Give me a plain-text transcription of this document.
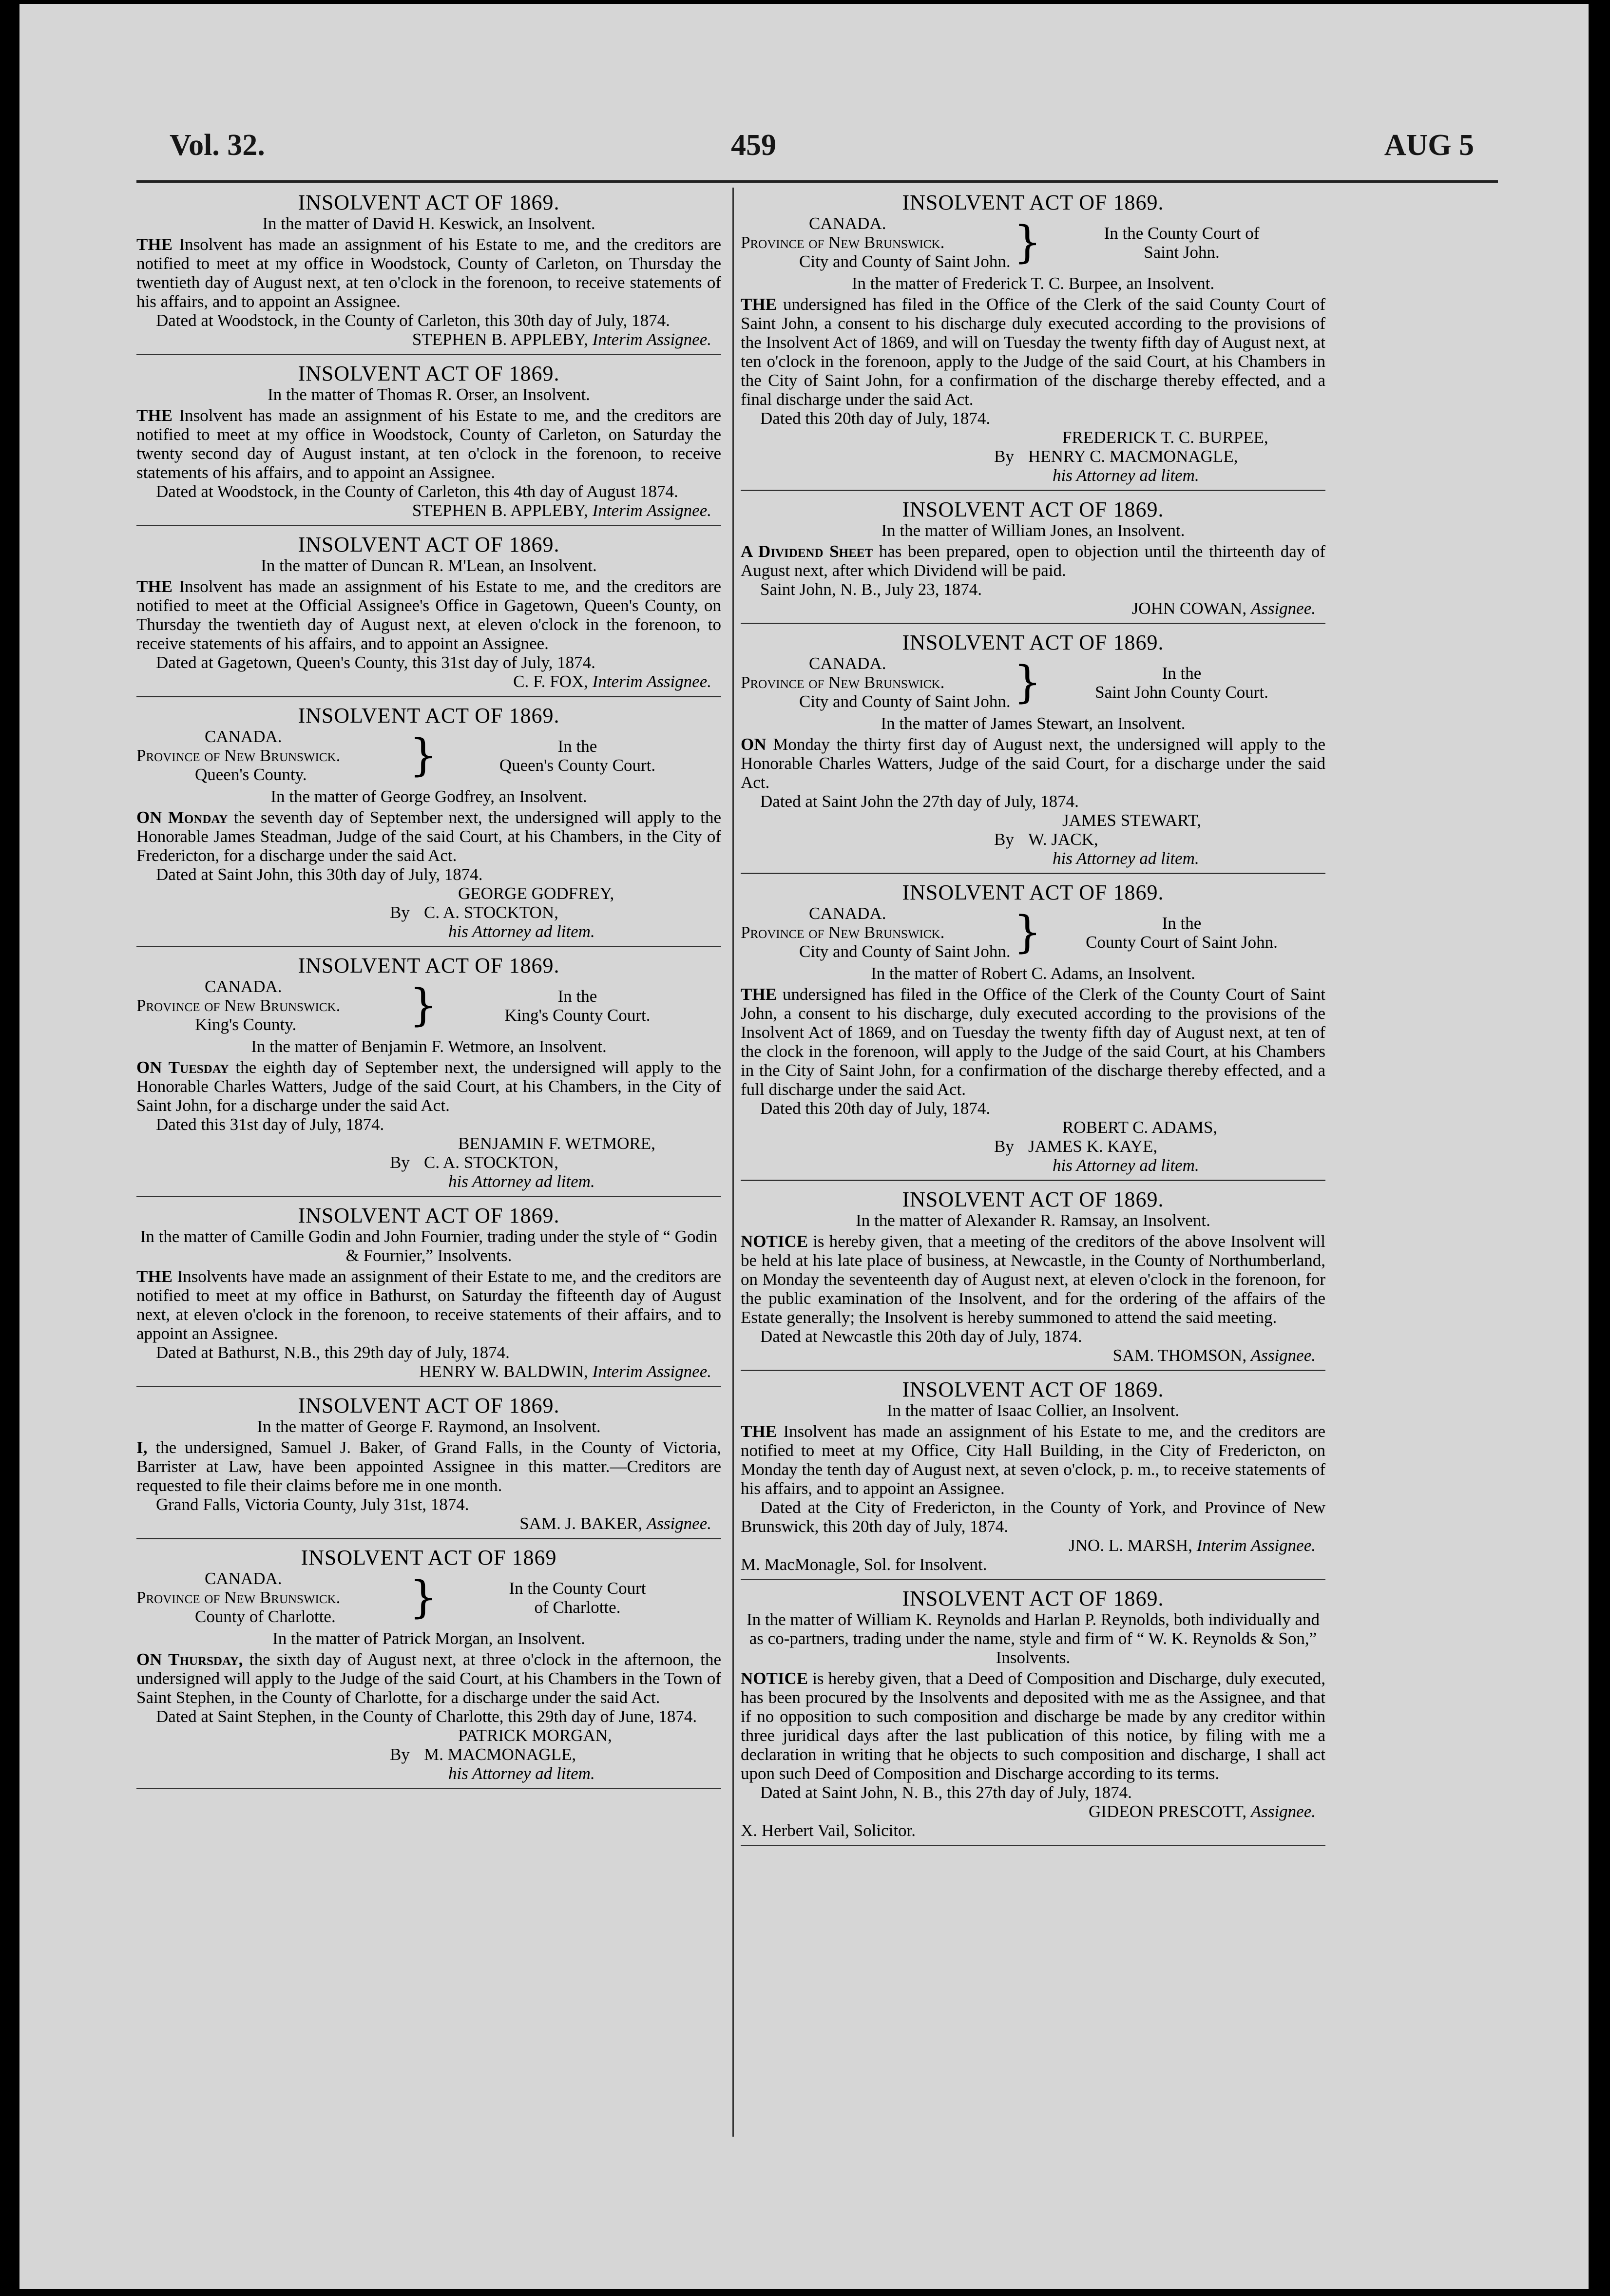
Vol. 32.	459	AUG 5
INSOLVENT ACT OF 1869.
In the matter of David H. Keswick, an Insolvent.
THE Insolvent has made an assignment of his Estate to me, and the creditors are notified to meet at my office in Woodstock, County of Carleton, on Thursday the twentieth day of August next, at ten o'clock in the forenoon, to receive statements of his affairs, and to appoint an Assignee.
Dated at Woodstock, in the County of Carleton, this 30th day of July, 1874.
STEPHEN B. APPLEBY, Interim Assignee.
INSOLVENT ACT OF 1869.
In the matter of Thomas R. Orser, an Insolvent.
THE Insolvent has made an assignment of his Estate to me, and the creditors are notified to meet at my office in Woodstock, County of Carleton, on Saturday the twenty second day of August instant, at ten o'clock in the forenoon, to receive statements of his affairs, and to appoint an Assignee.
Dated at Woodstock, in the County of Carleton, this 4th day of August 1874.
STEPHEN B. APPLEBY, Interim Assignee.
INSOLVENT ACT OF 1869.
In the matter of Duncan R. M'Lean, an Insolvent.
THE Insolvent has made an assignment of his Estate to me, and the creditors are notified to meet at the Official Assignee's Office in Gagetown, Queen's County, on Thursday the twentieth day of August next, at eleven o'clock in the forenoon, to receive statements of his affairs, and to appoint an Assignee.
Dated at Gagetown, Queen's County, this 31st day of July, 1874.
C. F. FOX, Interim Assignee.
INSOLVENT ACT OF 1869.
CANADA.
Province of New Brunswick.
Queen's County.	}	In the
Queen's County Court.
In the matter of George Godfrey, an Insolvent.
ON Monday the seventh day of September next, the undersigned will apply to the Honorable James Steadman, Judge of the said Court, at his Chambers, in the City of Fredericton, for a discharge under the said Act.
Dated at Saint John, this 30th day of July, 1874.
GEORGE GODFREY,
By C. A. STOCKTON,
his Attorney ad litem.
INSOLVENT ACT OF 1869.
CANADA.
Province of New Brunswick.
King's County.	}	In the
King's County Court.
In the matter of Benjamin F. Wetmore, an Insolvent.
ON Tuesday the eighth day of September next, the undersigned will apply to the Honorable Charles Watters, Judge of the said Court, at his Chambers, in the City of Saint John, for a discharge under the said Act.
Dated this 31st day of July, 1874.
BENJAMIN F. WETMORE,
By C. A. STOCKTON,
his Attorney ad litem.
INSOLVENT ACT OF 1869.
In the matter of Camille Godin and John Fournier, trading under the style of “ Godin & Fournier,” Insolvents.
THE Insolvents have made an assignment of their Estate to me, and the creditors are notified to meet at my office in Bathurst, on Saturday the fifteenth day of August next, at eleven o'clock in the forenoon, to receive statements of their affairs, and to appoint an Assignee.
Dated at Bathurst, N.B., this 29th day of July, 1874.
HENRY W. BALDWIN, Interim Assignee.
INSOLVENT ACT OF 1869.
In the matter of George F. Raymond, an Insolvent.
I, the undersigned, Samuel J. Baker, of Grand Falls, in the County of Victoria, Barrister at Law, have been appointed Assignee in this matter.—Creditors are requested to file their claims before me in one month.
Grand Falls, Victoria County, July 31st, 1874.
SAM. J. BAKER, Assignee.
INSOLVENT ACT OF 1869
CANADA.
Province of New Brunswick.
County of Charlotte.	}	In the County Court
of Charlotte.
In the matter of Patrick Morgan, an Insolvent.
ON Thursday, the sixth day of August next, at three o'clock in the afternoon, the undersigned will apply to the Judge of the said Court, at his Chambers in the Town of Saint Stephen, in the County of Charlotte, for a discharge under the said Act.
Dated at Saint Stephen, in the County of Charlotte, this 29th day of June, 1874.
PATRICK MORGAN,
By M. MACMONAGLE,
his Attorney ad litem.
INSOLVENT ACT OF 1869.
CANADA.
Province of New Brunswick.
City and County of Saint John. }	In the County Court of
Saint John.
In the matter of Frederick T. C. Burpee, an Insolvent.
THE undersigned has filed in the Office of the Clerk of the said County Court of Saint John, a consent to his discharge duly executed according to the provisions of the Insolvent Act of 1869, and will on Tuesday the twenty fifth day of August next, at ten o'clock in the forenoon, apply to the Judge of the said Court, at his Chambers in the City of Saint John, for a confirmation of the discharge thereby effected, and a final discharge under the said Act.
Dated this 20th day of July, 1874.
FREDERICK T. C. BURPEE,
By HENRY C. MACMONAGLE,
his Attorney ad litem.
INSOLVENT ACT OF 1869.
In the matter of William Jones, an Insolvent.
A Dividend Sheet has been prepared, open to objection until the thirteenth day of August next, after which Dividend will be paid.
Saint John, N. B., July 23, 1874.
JOHN COWAN, Assignee.
INSOLVENT ACT OF 1869.
CANADA.
Province of New Brunswick.
City and County of Saint John. }	In the
Saint John County Court.
In the matter of James Stewart, an Insolvent.
ON Monday the thirty first day of August next, the undersigned will apply to the Honorable Charles Watters, Judge of the said Court, for a discharge under the said Act.
Dated at Saint John the 27th day of July, 1874.
JAMES STEWART,
By W. JACK,
his Attorney ad litem.
INSOLVENT ACT OF 1869.
CANADA.
Province of New Brunswick.
City and County of Saint John. }	In the
County Court of Saint John.
In the matter of Robert C. Adams, an Insolvent.
THE undersigned has filed in the Office of the Clerk of the County Court of Saint John, a consent to his discharge, duly executed according to the provisions of the Insolvent Act of 1869, and on Tuesday the twenty fifth day of August next, at ten of the clock in the forenoon, will apply to the Judge of the said Court, at his Chambers in the City of Saint John, for a confirmation of the discharge thereby effected, and a full discharge under the said Act.
Dated this 20th day of July, 1874.
ROBERT C. ADAMS,
By JAMES K. KAYE,
his Attorney ad litem.
INSOLVENT ACT OF 1869.
In the matter of Alexander R. Ramsay, an Insolvent.
NOTICE is hereby given, that a meeting of the creditors of the above Insolvent will be held at his late place of business, at Newcastle, in the County of Northumberland, on Monday the seventeenth day of August next, at eleven o'clock in the forenoon, for the public examination of the Insolvent, and for the ordering of the affairs of the Estate generally; the Insolvent is hereby summoned to attend the said meeting.
Dated at Newcastle this 20th day of July, 1874.
SAM. THOMSON, Assignee.
INSOLVENT ACT OF 1869.
In the matter of Isaac Collier, an Insolvent.
THE Insolvent has made an assignment of his Estate to me, and the creditors are notified to meet at my Office, City Hall Building, in the City of Fredericton, on Monday the tenth day of August next, at seven o'clock, p. m., to receive statements of his affairs, and to appoint an Assignee.
Dated at the City of Fredericton, in the County of York, and Province of New Brunswick, this 20th day of July, 1874.
JNO. L. MARSH, Interim Assignee.
M. MacMonagle, Sol. for Insolvent.
INSOLVENT ACT OF 1869.
In the matter of William K. Reynolds and Harlan P. Reynolds, both individually and as co-partners, trading under the name, style and firm of “ W. K. Reynolds & Son,” Insolvents.
NOTICE is hereby given, that a Deed of Composition and Discharge, duly executed, has been procured by the Insolvents and deposited with me as the Assignee, and that if no opposition to such composition and discharge be made by any creditor within three juridical days after the last publication of this notice, by filing with me a declaration in writing that he objects to such composition and discharge, I shall act upon such Deed of Composition and Discharge according to its terms.
Dated at Saint John, N. B., this 27th day of July, 1874.
GIDEON PRESCOTT, Assignee.
X. Herbert Vail, Solicitor.
